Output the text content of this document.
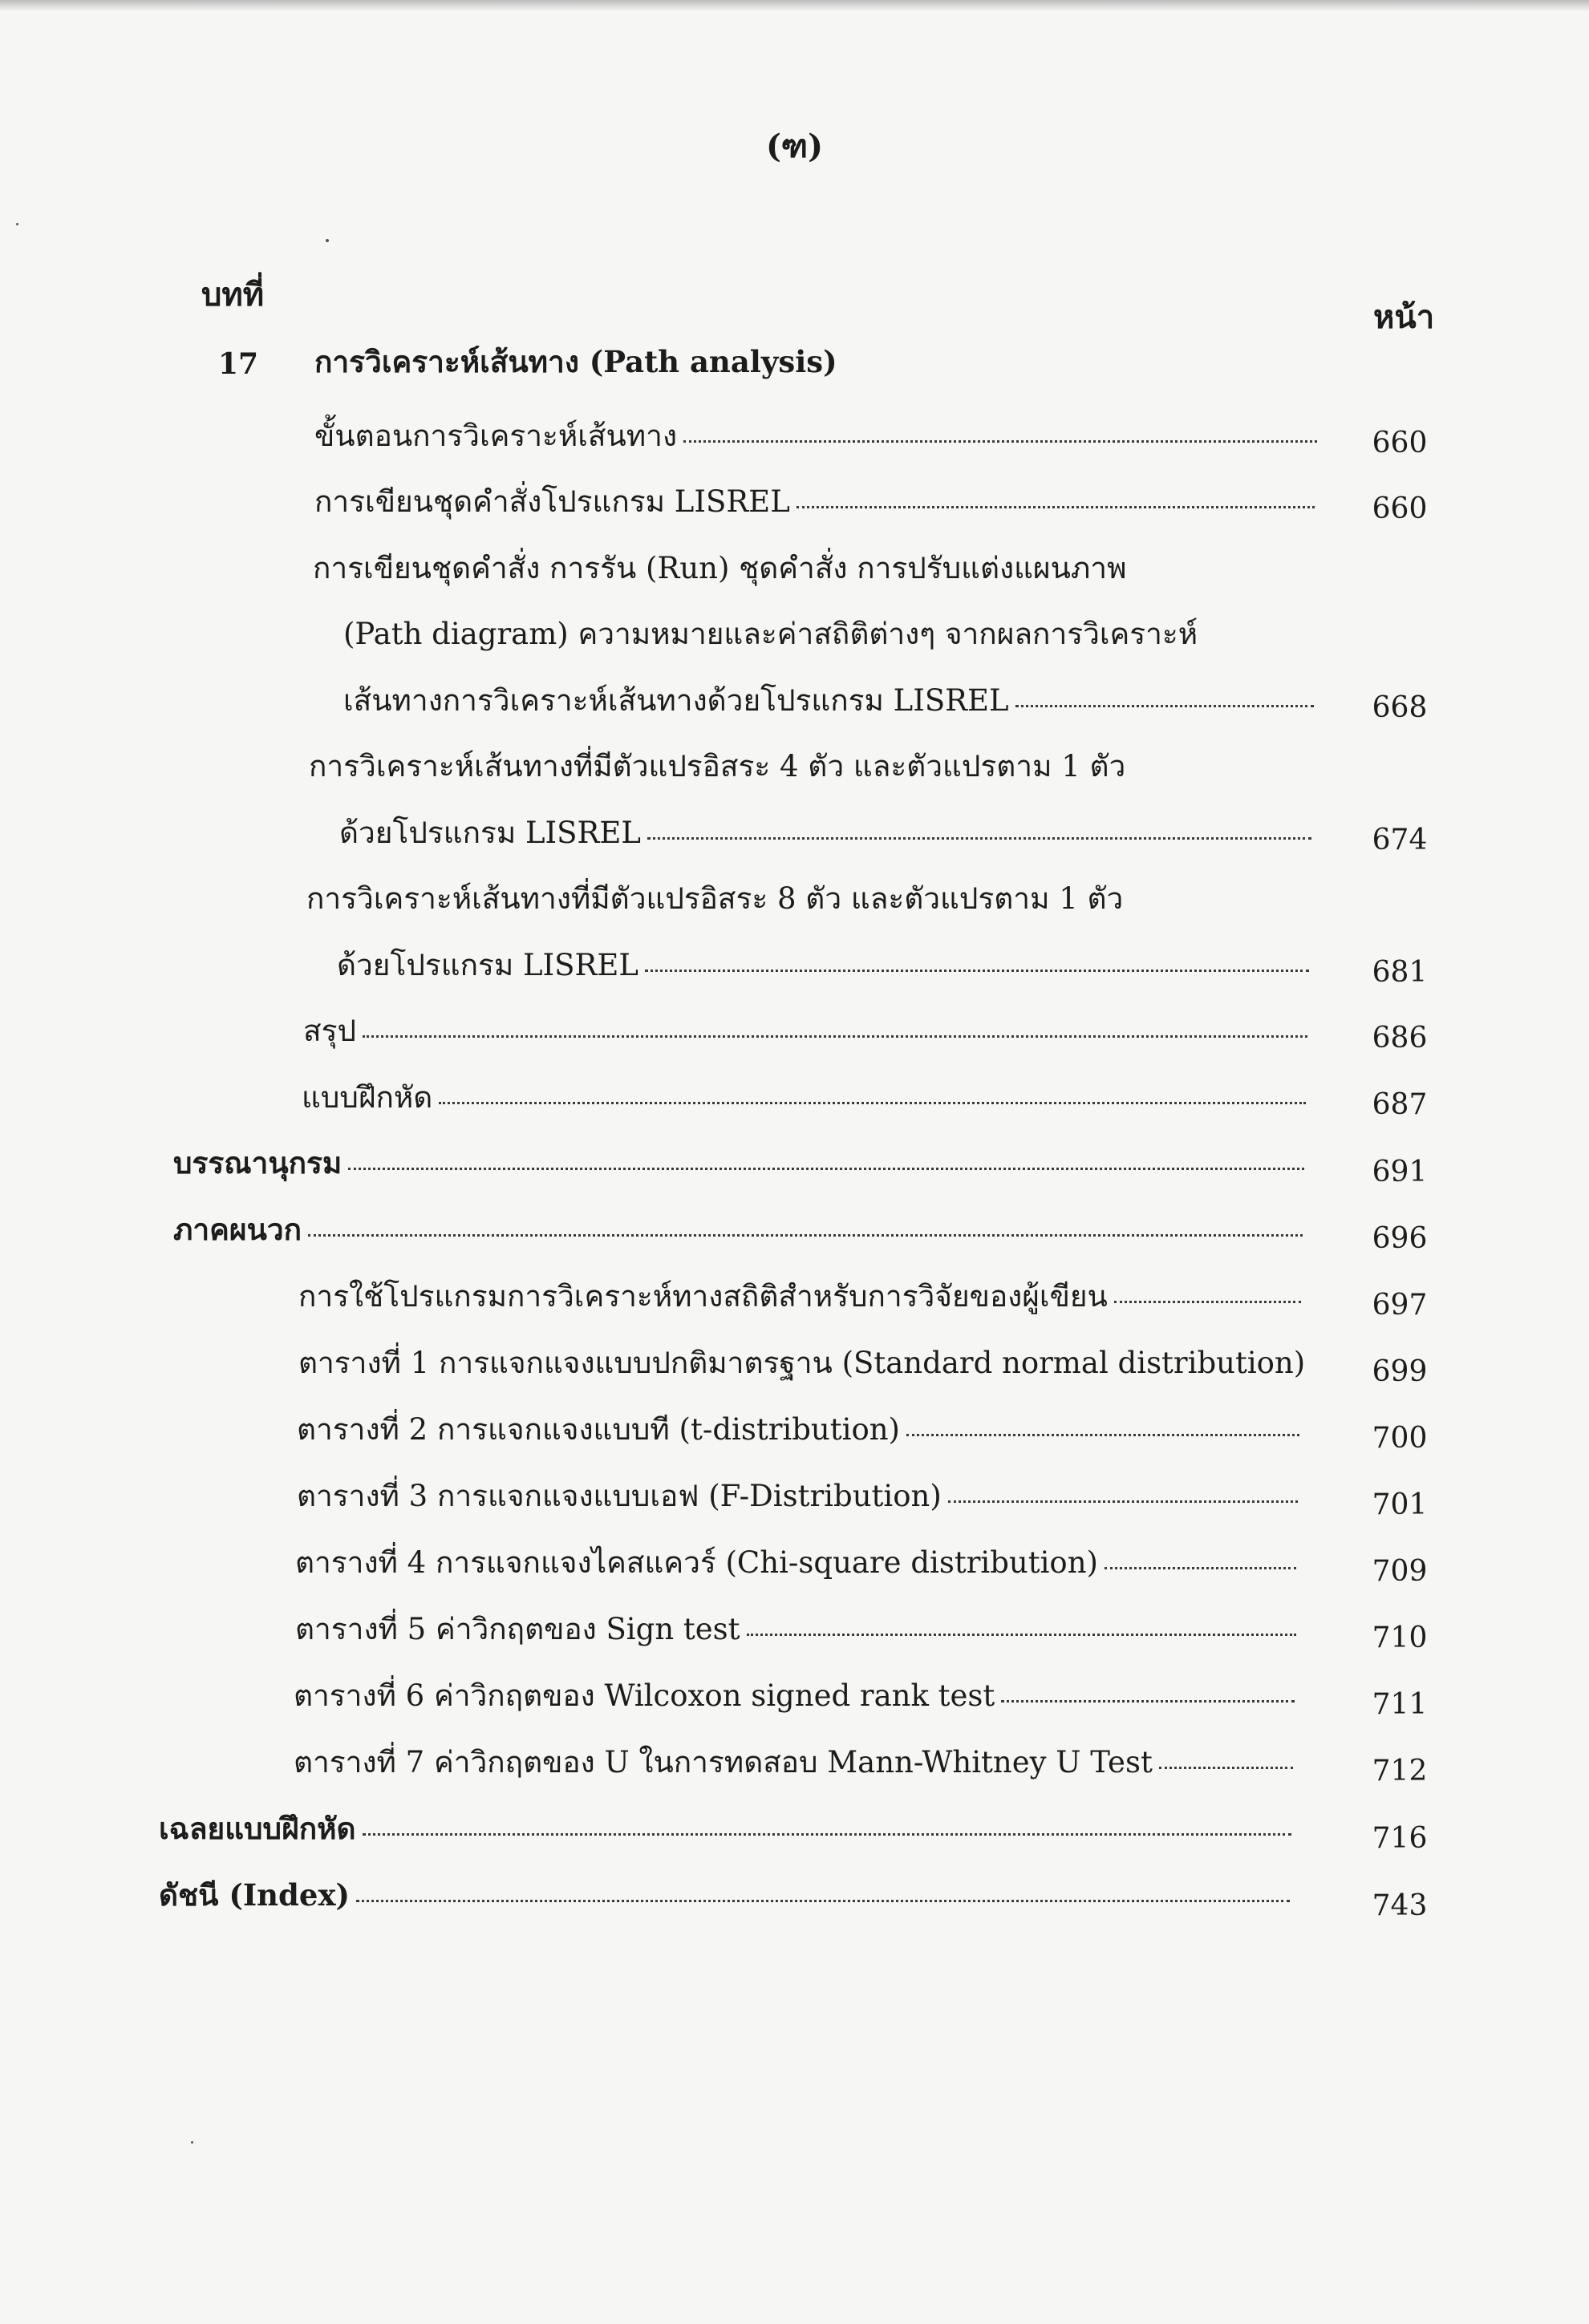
(ฑ)
บทที่
หน้า
17 การวิเคราะห์เส้นทาง (Path analysis)
ขั้นตอนการวิเคราะห์เส้นทาง	660
การเขียนชุดคำสั่งโปรแกรม LISREL	660
การเขียนชุดคำสั่ง การรัน (Run) ชุดคำสั่ง การปรับแต่งแผนภาพ
(Path diagram) ความหมายและค่าสถิติต่างๆ จากผลการวิเคราะห์
เส้นทางการวิเคราะห์เส้นทางด้วยโปรแกรม LISREL	668
การวิเคราะห์เส้นทางที่มีตัวแปรอิสระ 4 ตัว และตัวแปรตาม 1 ตัว
ด้วยโปรแกรม LISREL	674
การวิเคราะห์เส้นทางที่มีตัวแปรอิสระ 8 ตัว และตัวแปรตาม 1 ตัว
ด้วยโปรแกรม LISREL	681
สรุป	686
แบบฝึกหัด	687
บรรณานุกรม	691
ภาคผนวก	696
การใช้โปรแกรมการวิเคราะห์ทางสถิติสำหรับการวิจัยของผู้เขียน	697
ตารางที่ 1 การแจกแจงแบบปกติมาตรฐาน (Standard normal distribution)	699
ตารางที่ 2 การแจกแจงแบบที (t-distribution)	700
ตารางที่ 3 การแจกแจงแบบเอฟ (F-Distribution)	701
ตารางที่ 4 การแจกแจงไคสแควร์ (Chi-square distribution)	709
ตารางที่ 5 ค่าวิกฤตของ Sign test	710
ตารางที่ 6 ค่าวิกฤตของ Wilcoxon signed rank test	711
ตารางที่ 7 ค่าวิกฤตของ U ในการทดสอบ Mann-Whitney U Test	712
เฉลยแบบฝึกหัด	716
ดัชนี (Index)	743
